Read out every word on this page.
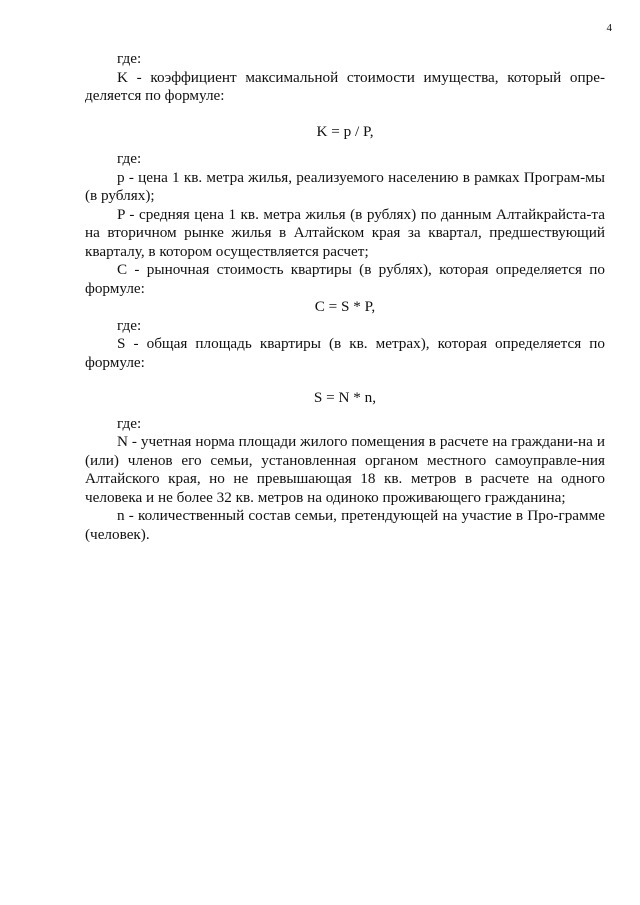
4

где:

K - коэффициент максимальной стоимости имущества, который опре-деляется по формуле:

K = p / P,

где:

p - цена 1 кв. метра жилья, реализуемого населению в рамках Програм-мы (в рублях);

P - средняя цена 1 кв. метра жилья (в рублях) по данным Алтайкрайста-та на вторичном рынке жилья в Алтайском края за квартал, предшествующий кварталу, в котором осуществляется расчет;

C - рыночная стоимость квартиры (в рублях), которая определяется по формуле:

C = S * P,

где:

S - общая площадь квартиры (в кв. метрах), которая определяется по формуле:

S = N * n,

где:

N - учетная норма площади жилого помещения в расчете на граждани-на и (или) членов его семьи, установленная органом местного самоуправле-ния Алтайского края, но не превышающая 18 кв. метров в расчете на одного человека и не более 32 кв. метров на одиноко проживающего гражданина;

n - количественный состав семьи, претендующей на участие в Про-грамме (человек).
